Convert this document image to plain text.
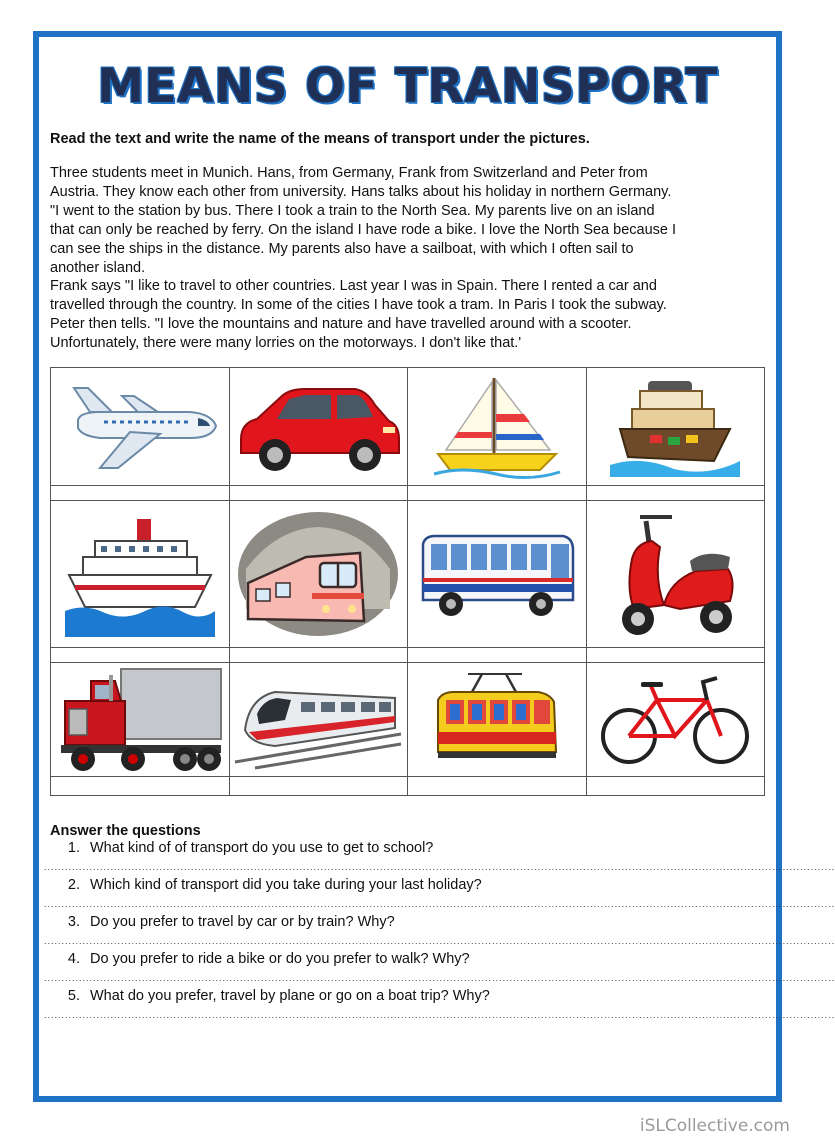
MEANS OF TRANSPORT
Read the text and write the name of the means of transport under the pictures.

Three students meet in Munich. Hans, from Germany, Frank from Switzerland and Peter from

Austria. They know each other from university. Hans talks about his holiday in northern Germany.

"I went to the station by bus. There I took a train to the North Sea. My parents live on an island

that can only be reached by ferry. On the island I have rode a bike. I love the North Sea because I

can see the ships in the distance. My parents also have a sailboat, with which I often sail to

another island.

Frank says "I like to travel to other countries. Last year I was in Spain. There I rented a car and

travelled through the country. In some of the cities I have took a tram. In Paris I took the subway.

Peter then tells. "I love the mountains and nature and have travelled around with a scooter.

Unfortunately, there were many lorries on the motorways. I don't like that.'

Answer the questions
1. What kind of of transport do you use to get to school?
..................................................................................................................................................................................................................................
2. Which kind of transport did you take during your last holiday?
..................................................................................................................................................................................................................................
3. Do you prefer to travel by car or by train? Why?
..................................................................................................................................................................................................................................
4. Do you prefer to ride a bike or do you prefer to walk? Why?
..................................................................................................................................................................................................................................
5. What do you prefer, travel by plane or go on a boat trip? Why?
..................................................................................................................................................................................................................................
iSLCollective.com
